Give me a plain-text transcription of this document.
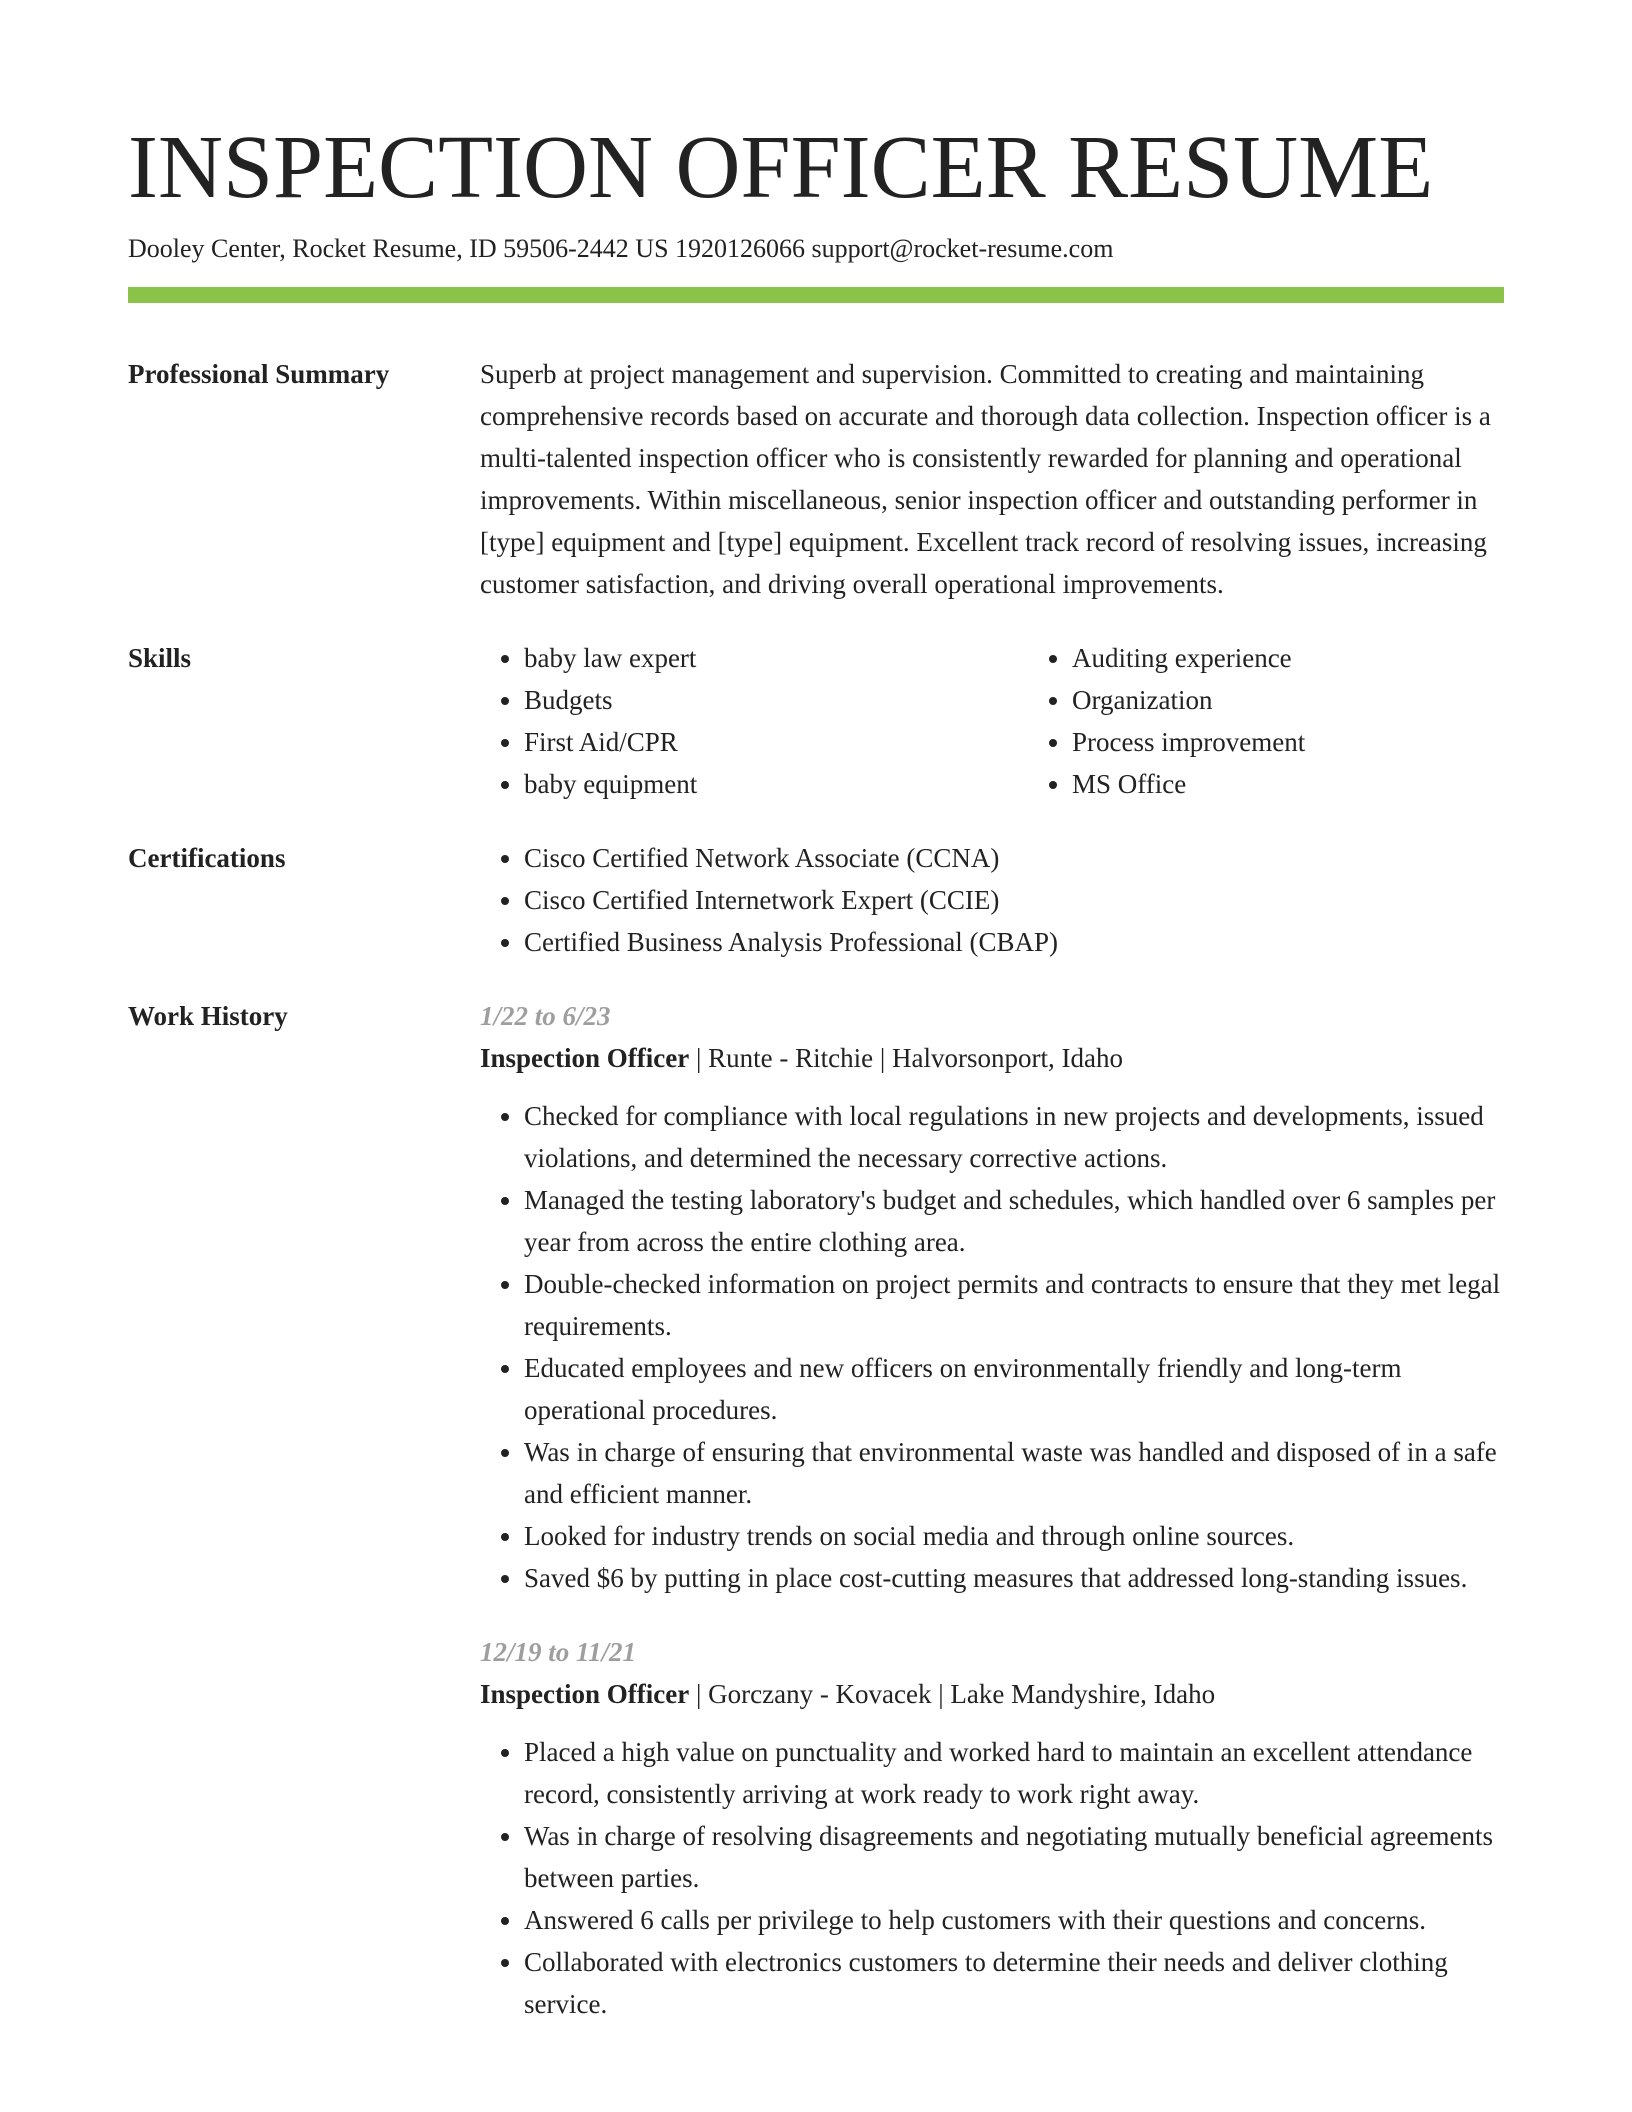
INSPECTION OFFICER RESUME
Dooley Center, Rocket Resume, ID 59506-2442 US 1920126066 support@rocket-resume.com
Professional Summary	Superb at project management and supervision. Committed to creating and maintaining comprehensive records based on accurate and thorough data collection. Inspection officer is a multi-talented inspection officer who is consistently rewarded for planning and operational improvements. Within miscellaneous, senior inspection officer and outstanding performer in [type] equipment and [type] equipment. Excellent track record of resolving issues, increasing customer satisfaction, and driving overall operational improvements.

Skills	• baby law expert
• Budgets
• First Aid/CPR
• baby equipment
• Auditing experience
• Organization
• Process improvement
• MS Office
Certifications	• Cisco Certified Network Associate (CCNA)
• Cisco Certified Internetwork Expert (CCIE)
• Certified Business Analysis Professional (CBAP)
Work History	1/22 to 6/23

Inspection Officer | Runte - Ritchie | Halvorsonport, Idaho

• Checked for compliance with local regulations in new projects and developments, issued violations, and determined the necessary corrective actions.
• Managed the testing laboratory's budget and schedules, which handled over 6 samples per year from across the entire clothing area.
• Double-checked information on project permits and contracts to ensure that they met legal requirements.
• Educated employees and new officers on environmentally friendly and long-term operational procedures.
• Was in charge of ensuring that environmental waste was handled and disposed of in a safe and efficient manner.
• Looked for industry trends on social media and through online sources.
• Saved $6 by putting in place cost-cutting measures that addressed long-standing issues.
12/19 to 11/21

Inspection Officer | Gorczany - Kovacek | Lake Mandyshire, Idaho

• Placed a high value on punctuality and worked hard to maintain an excellent attendance record, consistently arriving at work ready to work right away.
• Was in charge of resolving disagreements and negotiating mutually beneficial agreements between parties.
• Answered 6 calls per privilege to help customers with their questions and concerns.
• Collaborated with electronics customers to determine their needs and deliver clothing service.
